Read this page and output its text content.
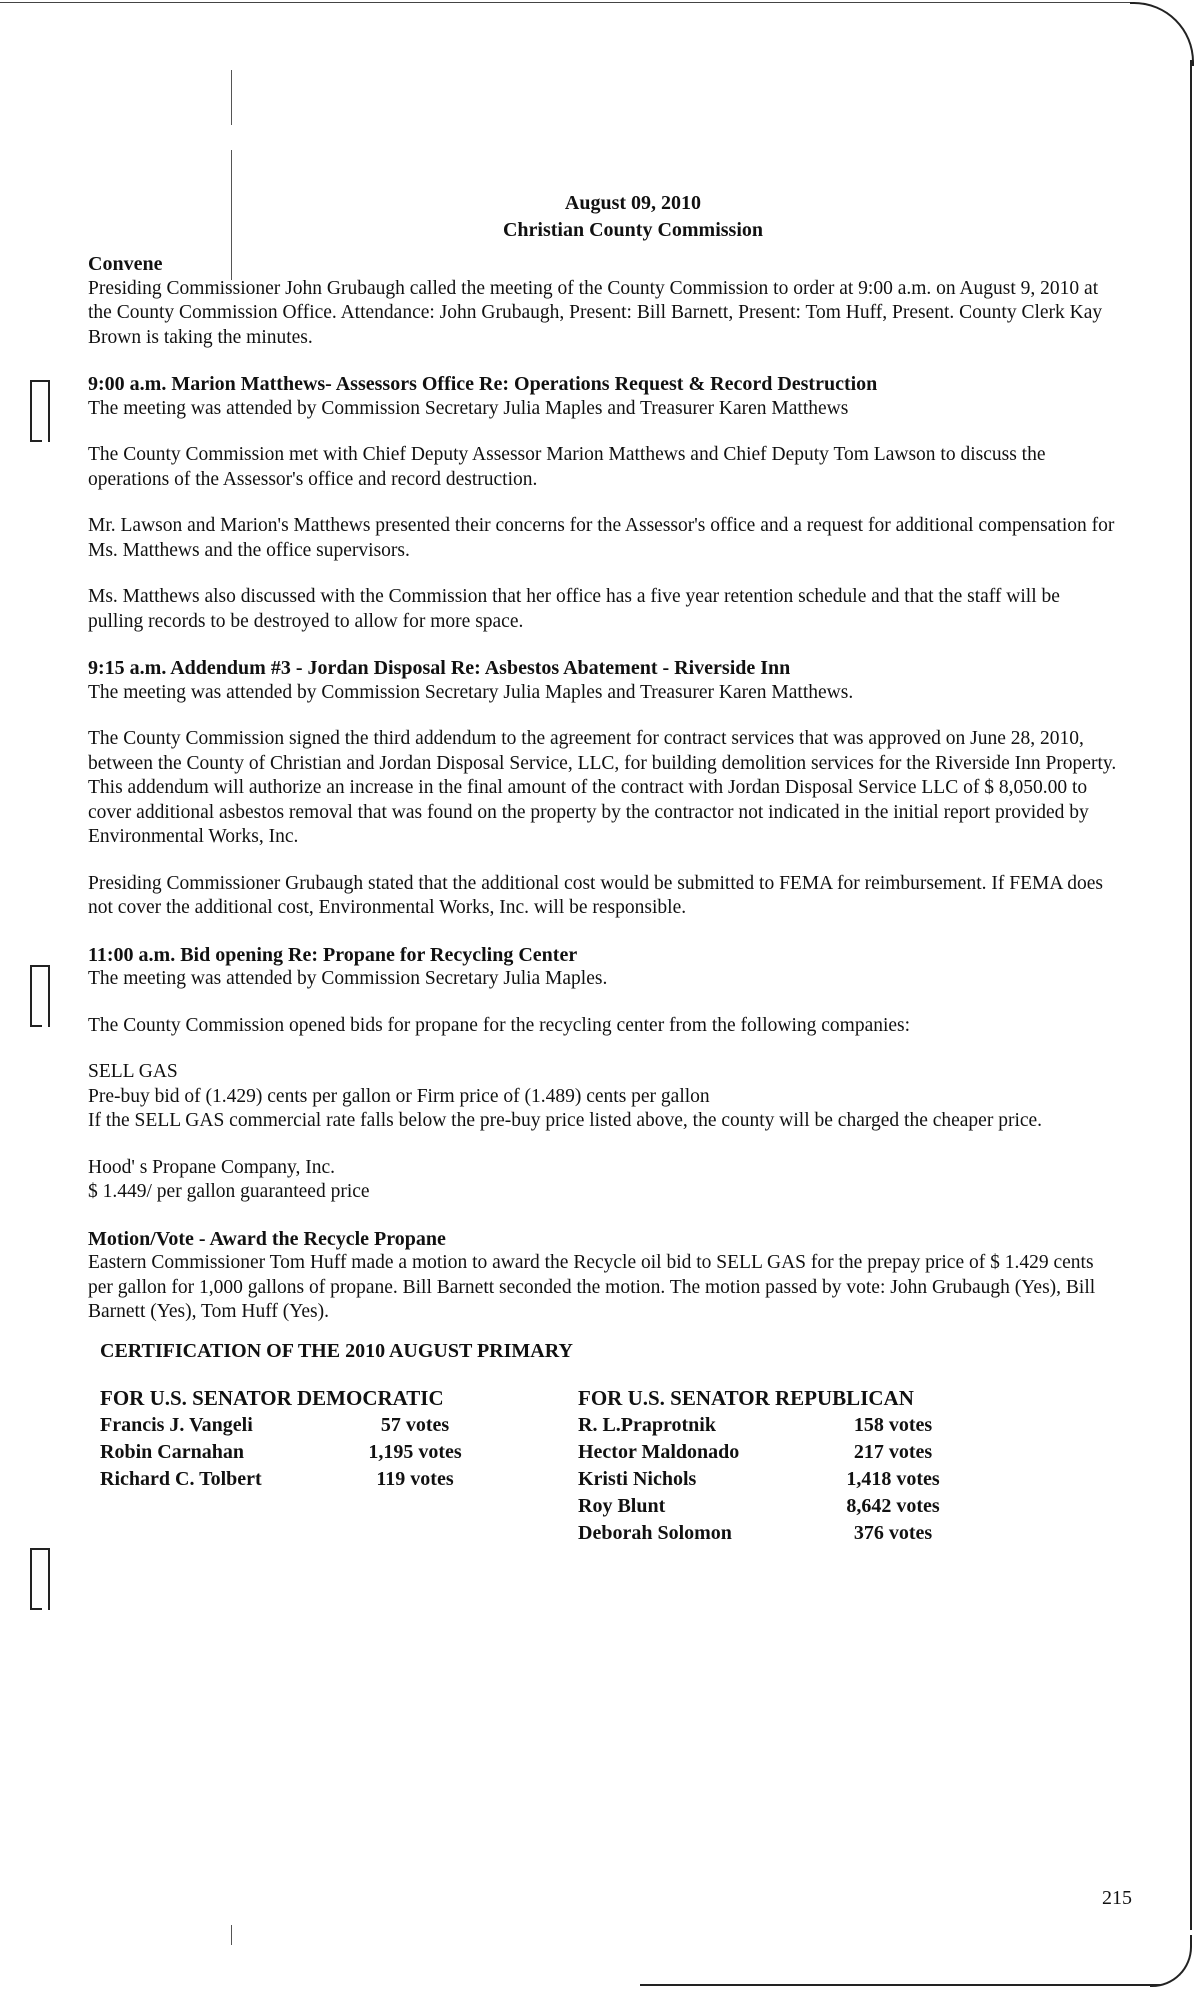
August 09, 2010
Christian County Commission
Convene

Presiding Commissioner John Grubaugh called the meeting of the County Commission to order at 9:00 a.m. on August 9, 2010 at the County Commission Office. Attendance: John Grubaugh, Present: Bill Barnett, Present: Tom Huff, Present. County Clerk Kay Brown is taking the minutes.

9:00 a.m. Marion Matthews- Assessors Office Re: Operations Request & Record Destruction

The meeting was attended by Commission Secretary Julia Maples and Treasurer Karen Matthews

The County Commission met with Chief Deputy Assessor Marion Matthews and Chief Deputy Tom Lawson to discuss the operations of the Assessor's office and record destruction.

Mr. Lawson and Marion's Matthews presented their concerns for the Assessor's office and a request for additional compensation for Ms. Matthews and the office supervisors.

Ms. Matthews also discussed with the Commission that her office has a five year retention schedule and that the staff will be pulling records to be destroyed to allow for more space.

9:15 a.m. Addendum #3 - Jordan Disposal Re: Asbestos Abatement - Riverside Inn

The meeting was attended by Commission Secretary Julia Maples and Treasurer Karen Matthews.

The County Commission signed the third addendum to the agreement for contract services that was approved on June 28, 2010, between the County of Christian and Jordan Disposal Service, LLC, for building demolition services for the Riverside Inn Property. This addendum will authorize an increase in the final amount of the contract with Jordan Disposal Service LLC of $ 8,050.00 to cover additional asbestos removal that was found on the property by the contractor not indicated in the initial report provided by Environmental Works, Inc.

Presiding Commissioner Grubaugh stated that the additional cost would be submitted to FEMA for reimbursement. If FEMA does not cover the additional cost, Environmental Works, Inc. will be responsible.

11:00 a.m. Bid opening Re: Propane for Recycling Center

The meeting was attended by Commission Secretary Julia Maples.

The County Commission opened bids for propane for the recycling center from the following companies:

SELL GAS

Pre-buy bid of (1.429) cents per gallon or Firm price of (1.489) cents per gallon

If the SELL GAS commercial rate falls below the pre-buy price listed above, the county will be charged the cheaper price.

Hood' s Propane Company, Inc.

$ 1.449/ per gallon guaranteed price

Motion/Vote - Award the Recycle Propane

Eastern Commissioner Tom Huff made a motion to award the Recycle oil bid to SELL GAS for the prepay price of $ 1.429 cents per gallon for 1,000 gallons of propane. Bill Barnett seconded the motion. The motion passed by vote: John Grubaugh (Yes), Bill Barnett (Yes), Tom Huff (Yes).

CERTIFICATION OF THE 2010 AUGUST PRIMARY
FOR U.S. SENATOR DEMOCRATIC
Francis J. Vangeli	57 votes
Robin Carnahan	1,195 votes
Richard C. Tolbert	119 votes
FOR U.S. SENATOR REPUBLICAN
R. L.Praprotnik	158 votes
Hector Maldonado	217 votes
Kristi Nichols	1,418 votes
Roy Blunt	8,642 votes
Deborah Solomon	376 votes
215
